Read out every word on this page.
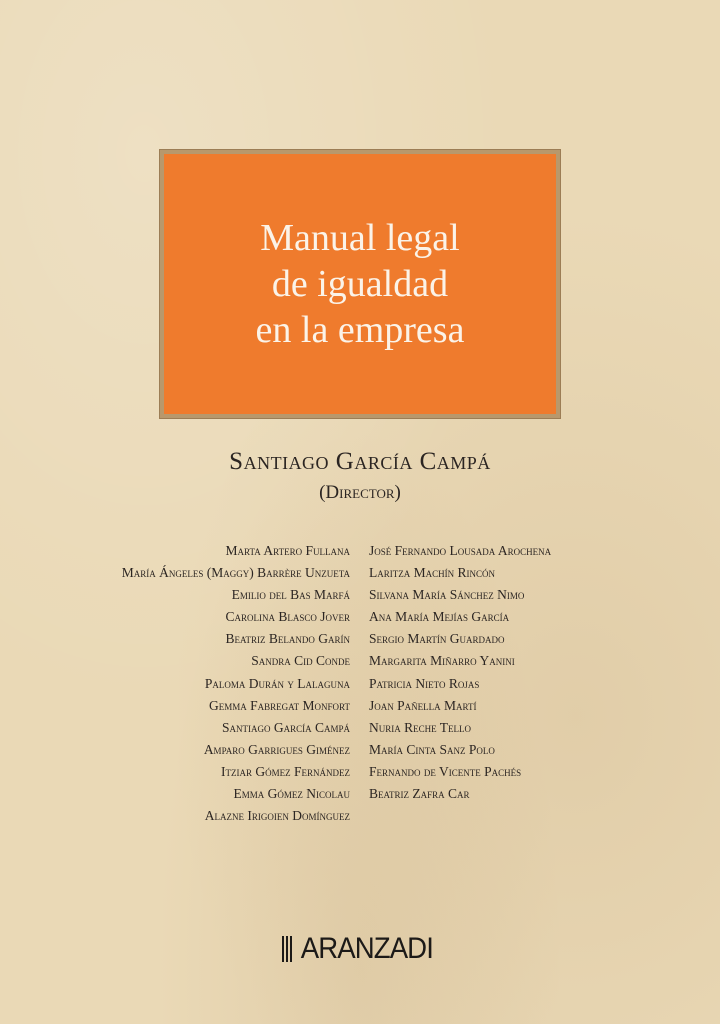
Manual legal
de igualdad
en la empresa
Santiago García Campá
(Director)
Marta Artero Fullana
María Ángeles (Maggy) Barrère Unzueta
Emilio del Bas Marfá
Carolina Blasco Jover
Beatriz Belando Garín
Sandra Cid Conde
Paloma Durán y Lalaguna
Gemma Fabregat Monfort
Santiago García Campá
Amparo Garrigues Giménez
Itziar Gómez Fernández
Emma Gómez Nicolau
Alazne Irigoien Domínguez
José Fernando Lousada Arochena
Laritza Machín Rincón
Silvana María Sánchez Nimo
Ana María Mejías García
Sergio Martín Guardado
Margarita Miñarro Yanini
Patricia Nieto Rojas
Joan Pañella Martí
Nuria Reche Tello
María Cinta Sanz Polo
Fernando de Vicente Pachés
Beatriz Zafra Car
ARANZADI
